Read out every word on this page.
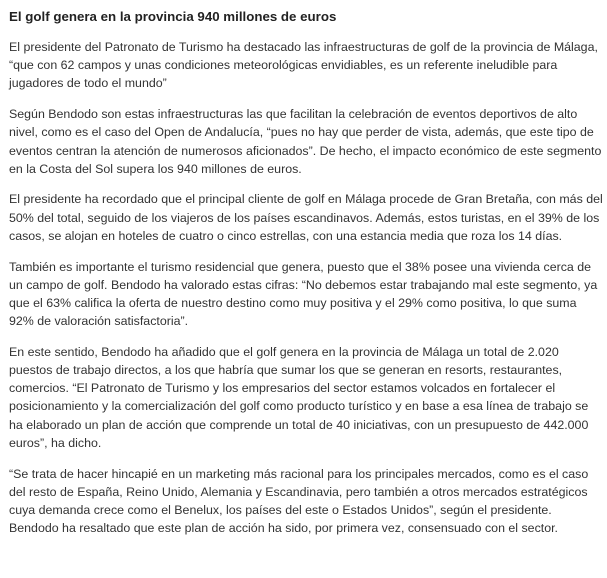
El golf genera en la provincia 940 millones de euros

El presidente del Patronato de Turismo ha destacado las infraestructuras de golf de la provincia de Málaga, “que con 62 campos y unas condiciones meteorológicas envidiables, es un referente ineludible para jugadores de todo el mundo”

Según Bendodo son estas infraestructuras las que facilitan la celebración de eventos deportivos de alto nivel, como es el caso del Open de Andalucía, “pues no hay que perder de vista, además, que este tipo de eventos centran la atención de numerosos aficionados”. De hecho, el impacto económico de este segmento en la Costa del Sol supera los 940 millones de euros.

El presidente ha recordado que el principal cliente de golf en Málaga procede de Gran Bretaña, con más del 50% del total, seguido de los viajeros de los países escandinavos. Además, estos turistas, en el 39% de los casos, se alojan en hoteles de cuatro o cinco estrellas, con una estancia media que roza los 14 días.

También es importante el turismo residencial que genera, puesto que el 38% posee una vivienda cerca de un campo de golf. Bendodo ha valorado estas cifras: “No debemos estar trabajando mal este segmento, ya que el 63% califica la oferta de nuestro destino como muy positiva y el 29% como positiva, lo que suma 92% de valoración satisfactoria”.

En este sentido, Bendodo ha añadido que el golf genera en la provincia de Málaga un total de 2.020 puestos de trabajo directos, a los que habría que sumar los que se generan en resorts, restaurantes, comercios. “El Patronato de Turismo y los empresarios del sector estamos volcados en fortalecer el posicionamiento y la comercialización del golf como producto turístico y en base a esa línea de trabajo se ha elaborado un plan de acción que comprende un total de 40 iniciativas, con un presupuesto de 442.000 euros”, ha dicho.

“Se trata de hacer hincapié en un marketing más racional para los principales mercados, como es el caso del resto de España, Reino Unido, Alemania y Escandinavia, pero también a otros mercados estratégicos cuya demanda crece como el Benelux, los países del este o Estados Unidos”, según el presidente. Bendodo ha resaltado que este plan de acción ha sido, por primera vez, consensuado con el sector.
